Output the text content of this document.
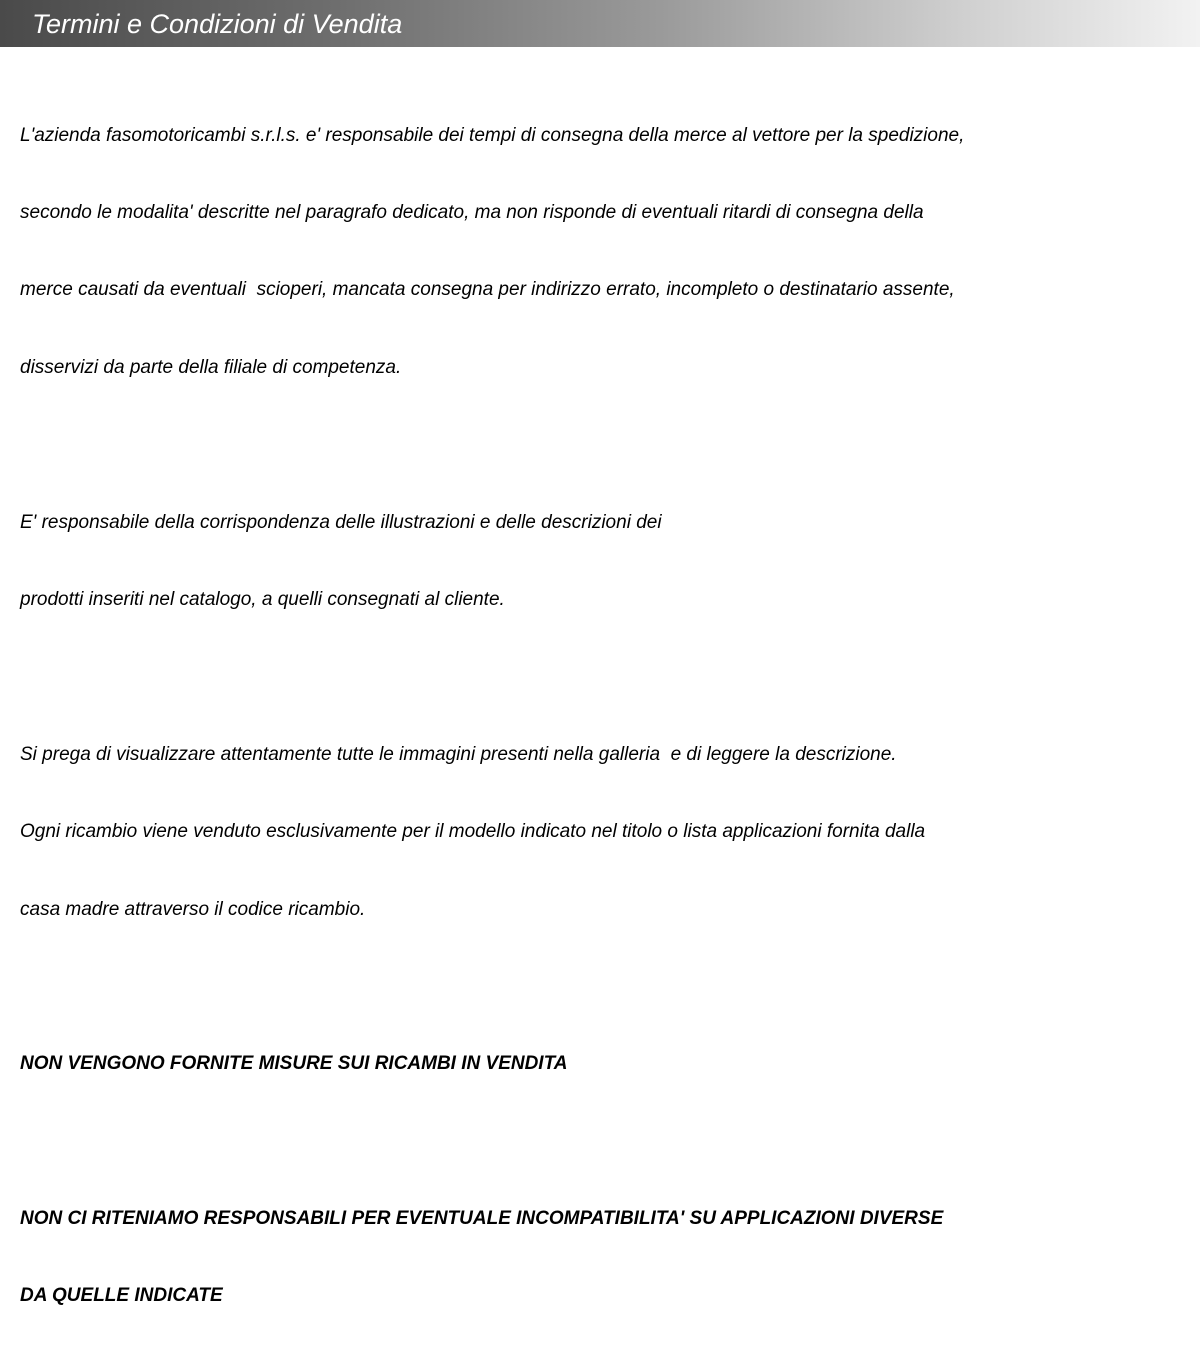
Termini e Condizioni di Vendita

L'azienda fasomotoricambi s.r.l.s. e' responsabile dei tempi di consegna della merce al vettore per la spedizione,

secondo le modalita' descritte nel paragrafo dedicato, ma non risponde di eventuali ritardi di consegna della

merce causati da eventuali  scioperi, mancata consegna per indirizzo errato, incompleto o destinatario assente,

disservizi da parte della filiale di competenza.

E' responsabile della corrispondenza delle illustrazioni e delle descrizioni dei

prodotti inseriti nel catalogo, a quelli consegnati al cliente.

Si prega di visualizzare attentamente tutte le immagini presenti nella galleria  e di leggere la descrizione.

Ogni ricambio viene venduto esclusivamente per il modello indicato nel titolo o lista applicazioni fornita dalla

casa madre attraverso il codice ricambio.

NON VENGONO FORNITE MISURE SUI RICAMBI IN VENDITA

NON CI RITENIAMO RESPONSABILI PER EVENTUALE INCOMPATIBILITA' SU APPLICAZIONI DIVERSE

DA QUELLE INDICATE
